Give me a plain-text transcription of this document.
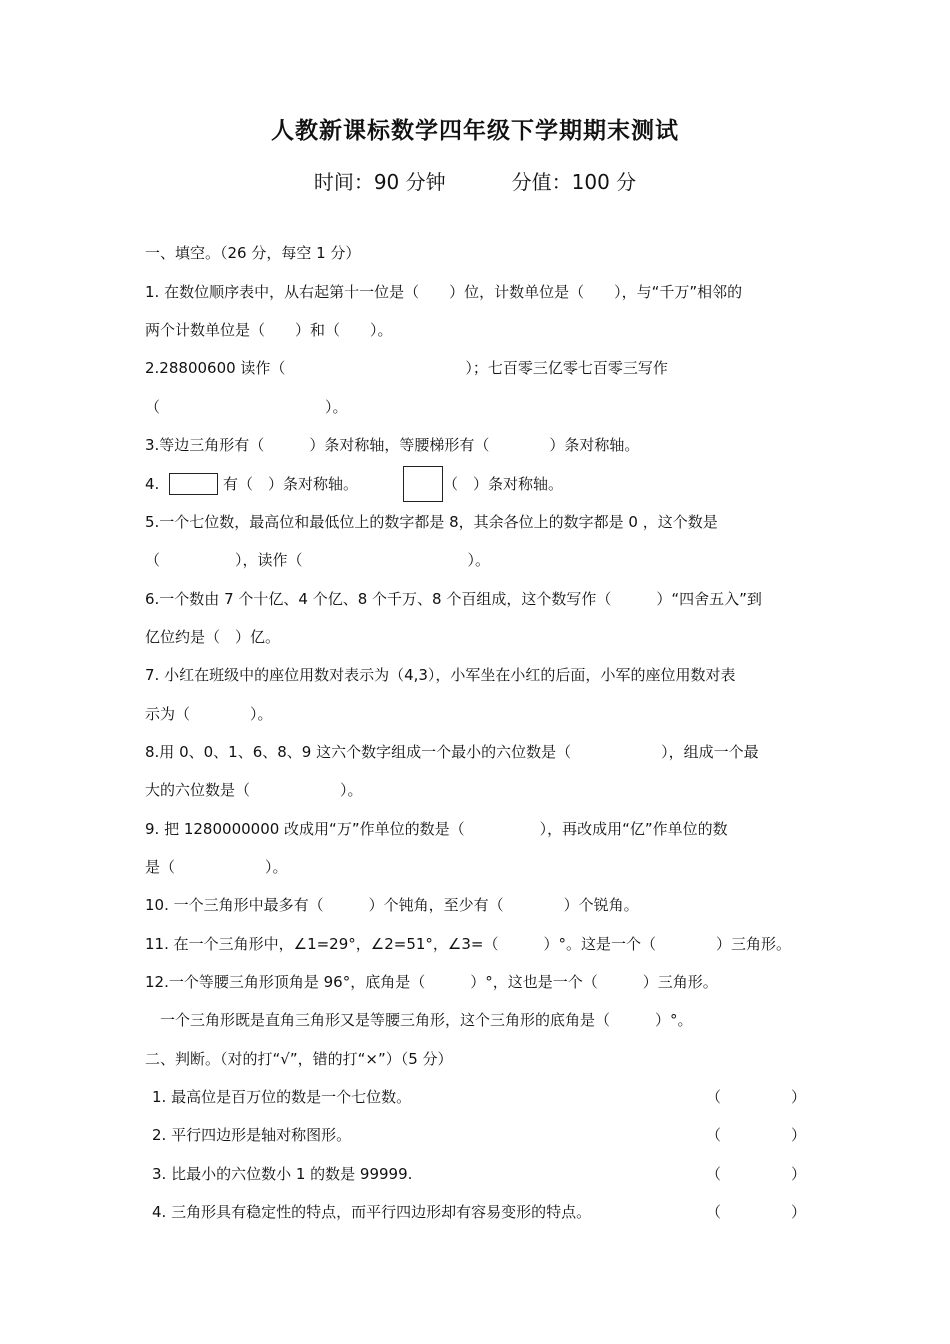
人教新课标数学四年级下学期期末测试
时间：90 分钟	分值：100 分
一、填空。（26 分，每空 1 分）
1. 在数位顺序表中，从右起第十一位是（　　）位，计数单位是（　　），与“千万”相邻的
两个计数单位是（　　）和（　　）。
2.28800600 读作（　　　　　　　　　　　　）；七百零三亿零七百零三写作
（　　　　　　　　　　　）。
3.等边三角形有（　　　）条对称轴，等腰梯形有（　　　　）条对称轴。
4.	有（　）条对称轴。	（　）条对称轴。
5.一个七位数，最高位和最低位上的数字都是 8，其余各位上的数字都是 0 ，这个数是
（　　　　　），读作（　　　　　　　　　　　）。
6.一个数由 7 个十亿、4 个亿、8 个千万、8 个百组成，这个数写作（　　　）“四舍五入”到
亿位约是（　）亿。
7. 小红在班级中的座位用数对表示为（4,3），小军坐在小红的后面，小军的座位用数对表
示为（　　　　）。
8.用 0、0、1、6、8、9 这六个数字组成一个最小的六位数是（　　　　　　），组成一个最
大的六位数是（　　　　　　）。
9. 把 1280000000 改成用“万”作单位的数是（　　　　　），再改成用“亿”作单位的数
是（　　　　　　）。
10. 一个三角形中最多有（　　　）个钝角，至少有（　　　　）个锐角。
11. 在一个三角形中，∠1=29°，∠2=51°，∠3=（　　　）°。这是一个（　　　　）三角形。
12.一个等腰三角形顶角是 96°，底角是（　　　）°，这也是一个（　　　）三角形。
一个三角形既是直角三角形又是等腰三角形，这个三角形的底角是（　　　）°。
二、判断。（对的打“√”，错的打“×”）（5 分）
1. 最高位是百万位的数是一个七位数。	（	）
2. 平行四边形是轴对称图形。	（	）
3. 比最小的六位数小 1 的数是 99999.	（	）
4. 三角形具有稳定性的特点，而平行四边形却有容易变形的特点。	（	）
